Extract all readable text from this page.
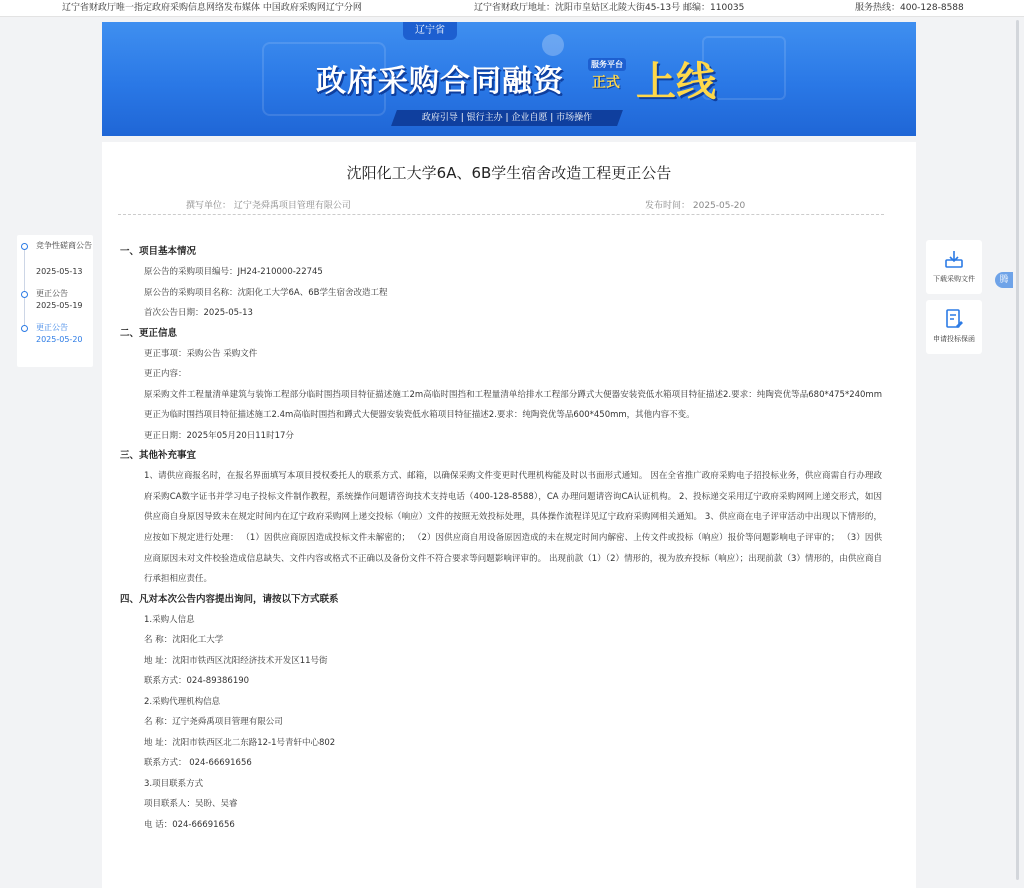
辽宁省财政厅唯一指定政府采购信息网络发布媒体 中国政府采购网辽宁分网	辽宁省财政厅地址：沈阳市皇姑区北陵大街45-13号 邮编：110035	服务热线：400-128-8588
辽宁省
政府采购合同融资	服务平台
正式 上线
政府引导 | 银行主办 | 企业自愿 | 市场操作
竞争性磋商公告
2025-05-13
更正公告
2025-05-19
更正公告
2025-05-20
沈阳化工大学6A、6B学生宿舍改造工程更正公告
撰写单位： 辽宁尧舜禹项目管理有限公司	发布时间： 2025-05-20
一、项目基本情况
原公告的采购项目编号：JH24-210000-22745
原公告的采购项目名称：沈阳化工大学6A、6B学生宿舍改造工程
首次公告日期：2025-05-13
二、更正信息
更正事项：采购公告 采购文件
更正内容：
原采购文件工程量清单建筑与装饰工程部分临时围挡项目特征描述施工2m高临时围挡和工程量清单给排水工程部分蹲式大便器安装瓷低水箱项目特征描述2.要求：纯陶瓷优等品680*475*240mm更正为临时围挡项目特征描述施工2.4m高临时围挡和蹲式大便器安装瓷低水箱项目特征描述2.要求：纯陶瓷优等品600*450mm，其他内容不变。
更正日期：2025年05月20日11时17分
三、其他补充事宜
1、请供应商报名时，在报名界面填写本项目授权委托人的联系方式、邮箱，以确保采购文件变更时代理机构能及时以书面形式通知。 因在全省推广政府采购电子招投标业务，供应商需自行办理政府采购CA数字证书并学习电子投标文件制作教程，系统操作问题请咨询技术支持电话（400-128-8588），CA 办理问题请咨询CA认证机构。 2、投标递交采用辽宁政府采购网网上递交形式，如因供应商自身原因导致未在规定时间内在辽宁政府采购网上递交投标（响应）文件的按照无效投标处理，具体操作流程详见辽宁政府采购网相关通知。 3、供应商在电子评审活动中出现以下情形的，应按如下规定进行处理： （1）因供应商原因造成投标文件未解密的； （2）因供应商自用设备原因造成的未在规定时间内解密、上传文件或投标（响应）报价等问题影响电子评审的； （3）因供应商原因未对文件校验造成信息缺失、文件内容或格式不正确以及备份文件不符合要求等问题影响评审的。 出现前款（1）（2）情形的，视为放弃投标（响应）；出现前款（3）情形的，由供应商自行承担相应责任。
四、凡对本次公告内容提出询问，请按以下方式联系
1.采购人信息
名 称：沈阳化工大学
地 址：沈阳市铁西区沈阳经济技术开发区11号街
联系方式：024-89386190
2.采购代理机构信息
名 称：辽宁尧舜禹项目管理有限公司
地 址：沈阳市铁西区北二东路12-1号青轩中心802
联系方式： 024-66691656
3.项目联系方式
项目联系人：吴盼、吴睿
电 话：024-66691656
下载采购文件
申请投标保函
腾
